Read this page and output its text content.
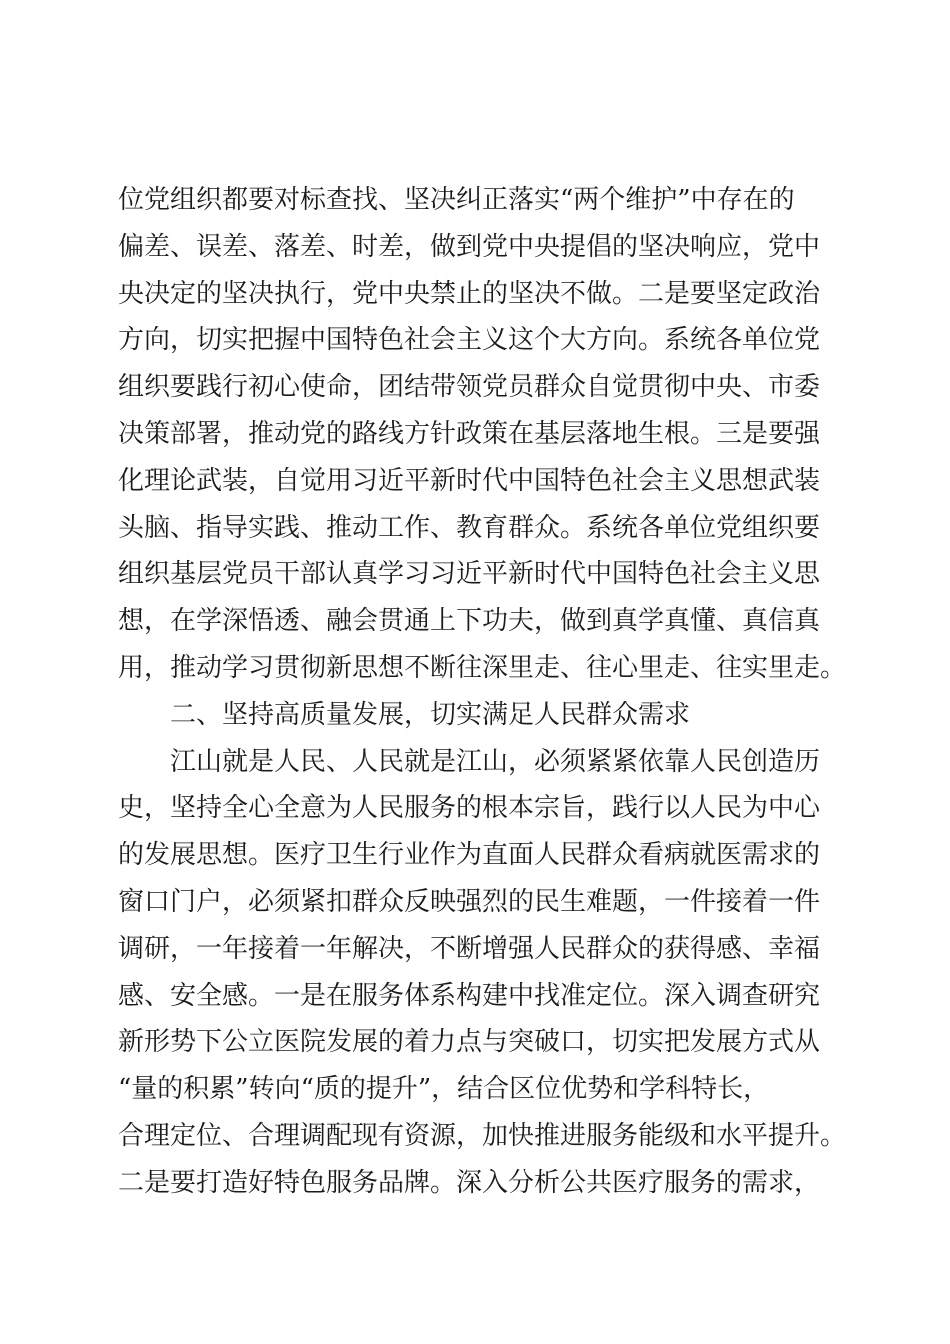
位党组织都要对标查找、坚决纠正落实“两个维护”中存在的
偏差、误差、落差、时差，做到党中央提倡的坚决响应，党中
央决定的坚决执行，党中央禁止的坚决不做。二是要坚定政治
方向，切实把握中国特色社会主义这个大方向。系统各单位党
组织要践行初心使命，团结带领党员群众自觉贯彻中央、市委
决策部署，推动党的路线方针政策在基层落地生根。三是要强
化理论武装，自觉用习近平新时代中国特色社会主义思想武装
头脑、指导实践、推动工作、教育群众。系统各单位党组织要
组织基层党员干部认真学习习近平新时代中国特色社会主义思
想，在学深悟透、融会贯通上下功夫，做到真学真懂、真信真
用，推动学习贯彻新思想不断往深里走、往心里走、往实里走。
二、坚持高质量发展，切实满足人民群众需求
江山就是人民、人民就是江山，必须紧紧依靠人民创造历
史，坚持全心全意为人民服务的根本宗旨，践行以人民为中心
的发展思想。医疗卫生行业作为直面人民群众看病就医需求的
窗口门户，必须紧扣群众反映强烈的民生难题，一件接着一件
调研，一年接着一年解决，不断增强人民群众的获得感、幸福
感、安全感。一是在服务体系构建中找准定位。深入调查研究
新形势下公立医院发展的着力点与突破口，切实把发展方式从
“量的积累”转向“质的提升”，结合区位优势和学科特长，
合理定位、合理调配现有资源，加快推进服务能级和水平提升。
二是要打造好特色服务品牌。深入分析公共医疗服务的需求，
